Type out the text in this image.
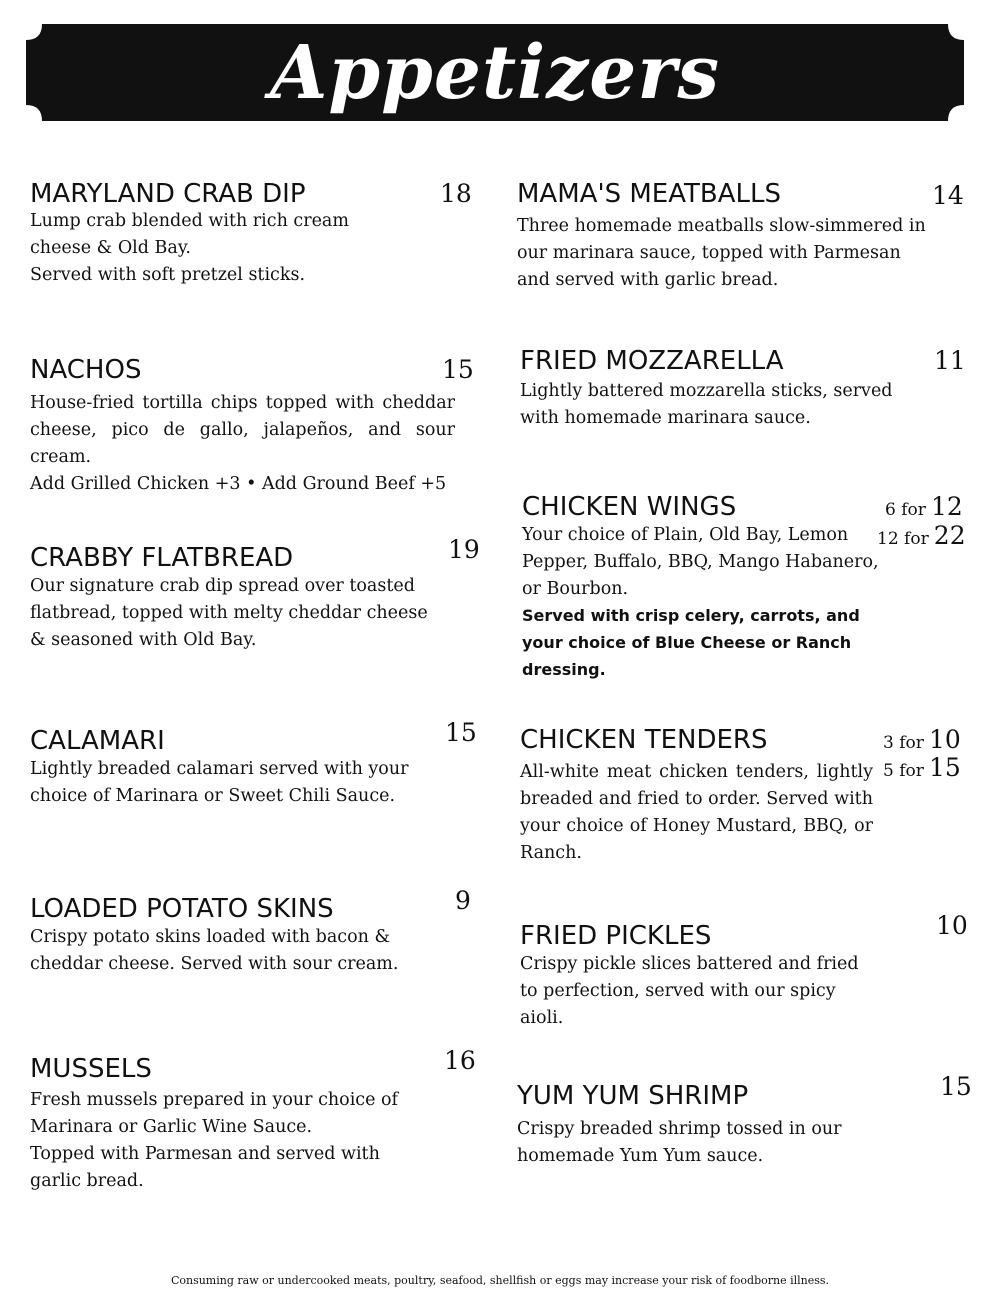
Appetizers
MARYLAND CRAB DIP	18

Lump crab blended with rich cream cheese & Old Bay.

Served with soft pretzel sticks.

NACHOS	15

House-fried tortilla chips topped with cheddar cheese, pico de gallo, jalapeños, and sour cream.

Add Grilled Chicken +3 • Add Ground Beef +5

CRABBY FLATBREAD	19

Our signature crab dip spread over toasted flatbread, topped with melty cheddar cheese & seasoned with Old Bay.

CALAMARI	15

Lightly breaded calamari served with your choice of Marinara or Sweet Chili Sauce.

LOADED POTATO SKINS	9

Crispy potato skins loaded with bacon & cheddar cheese. Served with sour cream.

MUSSELS	16

Fresh mussels prepared in your choice of Marinara or Garlic Wine Sauce.

Topped with Parmesan and served with garlic bread.

MAMA'S MEATBALLS	14

Three homemade meatballs slow-simmered in our marinara sauce, topped with Parmesan and served with garlic bread.

FRIED MOZZARELLA	11

Lightly battered mozzarella sticks, served with homemade marinara sauce.

CHICKEN WINGS	6 for 12
12 for 22

Your choice of Plain, Old Bay, Lemon Pepper, Buffalo, BBQ, Mango Habanero, or Bourbon.

Served with crisp celery, carrots, and your choice of Blue Cheese or Ranch dressing.
CHICKEN TENDERS	3 for 10
5 for 15

All-white meat chicken tenders, lightly breaded and fried to order. Served with your choice of Honey Mustard, BBQ, or Ranch.

FRIED PICKLES	10

Crispy pickle slices battered and fried to perfection, served with our spicy aioli.

YUM YUM SHRIMP	15

Crispy breaded shrimp tossed in our homemade Yum Yum sauce.

Consuming raw or undercooked meats, poultry, seafood, shellfish or eggs may increase your risk of foodborne illness.
